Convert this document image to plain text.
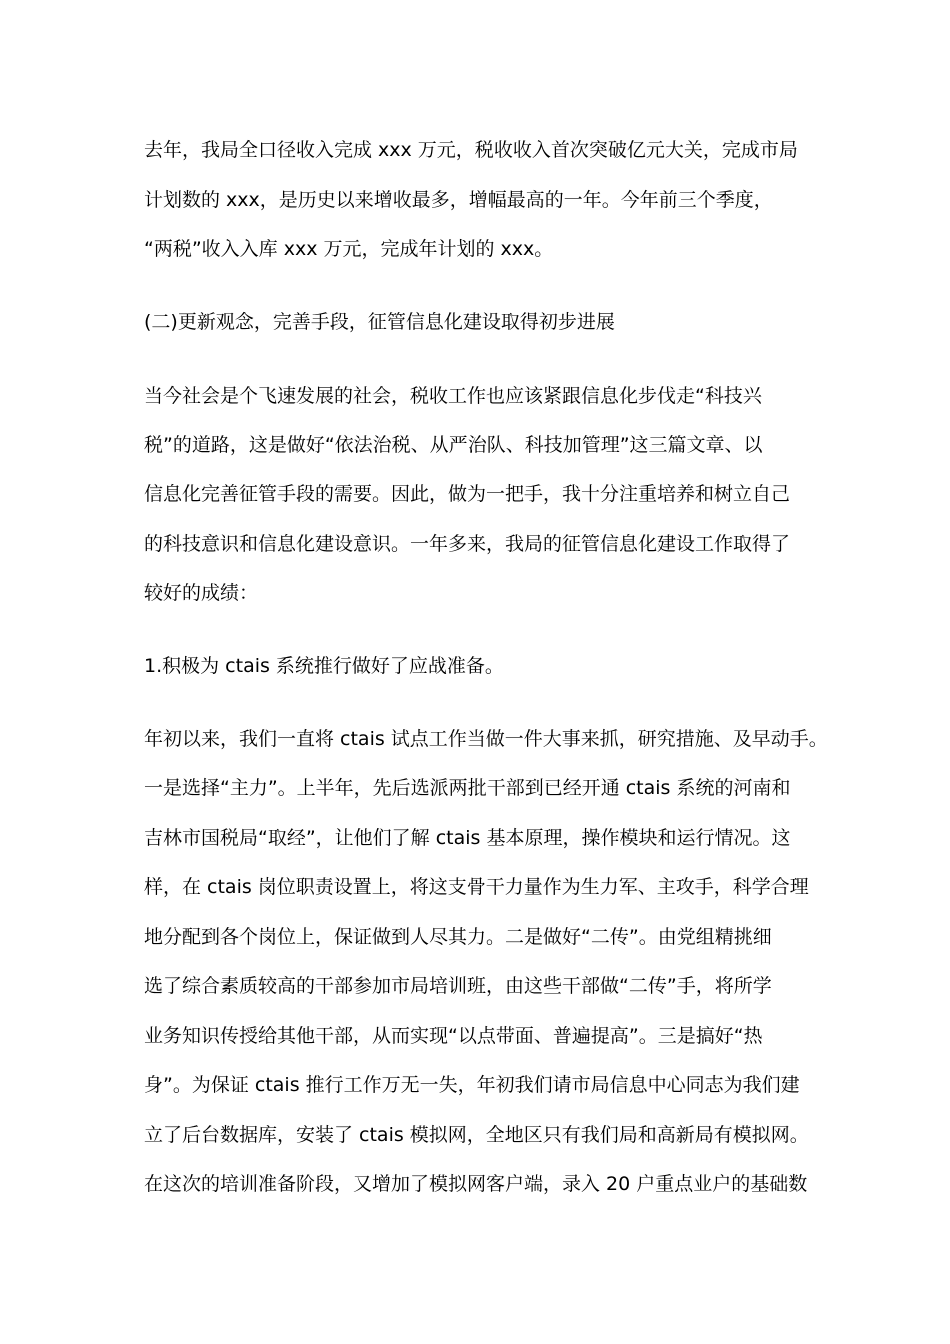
去年，我局全口径收入完成 xxx 万元，税收收入首次突破亿元大关，完成市局
计划数的 xxx，是历史以来增收最多，增幅最高的一年。今年前三个季度，
“两税”收入入库 xxx 万元，完成年计划的 xxx。
(二)更新观念，完善手段，征管信息化建设取得初步进展
当今社会是个飞速发展的社会，税收工作也应该紧跟信息化步伐走“科技兴
税”的道路，这是做好“依法治税、从严治队、科技加管理”这三篇文章、以
信息化完善征管手段的需要。因此，做为一把手，我十分注重培养和树立自己
的科技意识和信息化建设意识。一年多来，我局的征管信息化建设工作取得了
较好的成绩：
1.积极为 ctais 系统推行做好了应战准备。
年初以来，我们一直将 ctais 试点工作当做一件大事来抓，研究措施、及早动手。
一是选择“主力”。上半年，先后选派两批干部到已经开通 ctais 系统的河南和
吉林市国税局“取经”，让他们了解 ctais 基本原理，操作模块和运行情况。这
样，在 ctais 岗位职责设置上，将这支骨干力量作为生力军、主攻手，科学合理
地分配到各个岗位上，保证做到人尽其力。二是做好“二传”。由党组精挑细
选了综合素质较高的干部参加市局培训班，由这些干部做“二传”手，将所学
业务知识传授给其他干部，从而实现“以点带面、普遍提高”。三是搞好“热
身”。为保证 ctais 推行工作万无一失，年初我们请市局信息中心同志为我们建
立了后台数据库，安装了 ctais 模拟网，全地区只有我们局和高新局有模拟网。
在这次的培训准备阶段，又增加了模拟网客户端，录入 20 户重点业户的基础数
